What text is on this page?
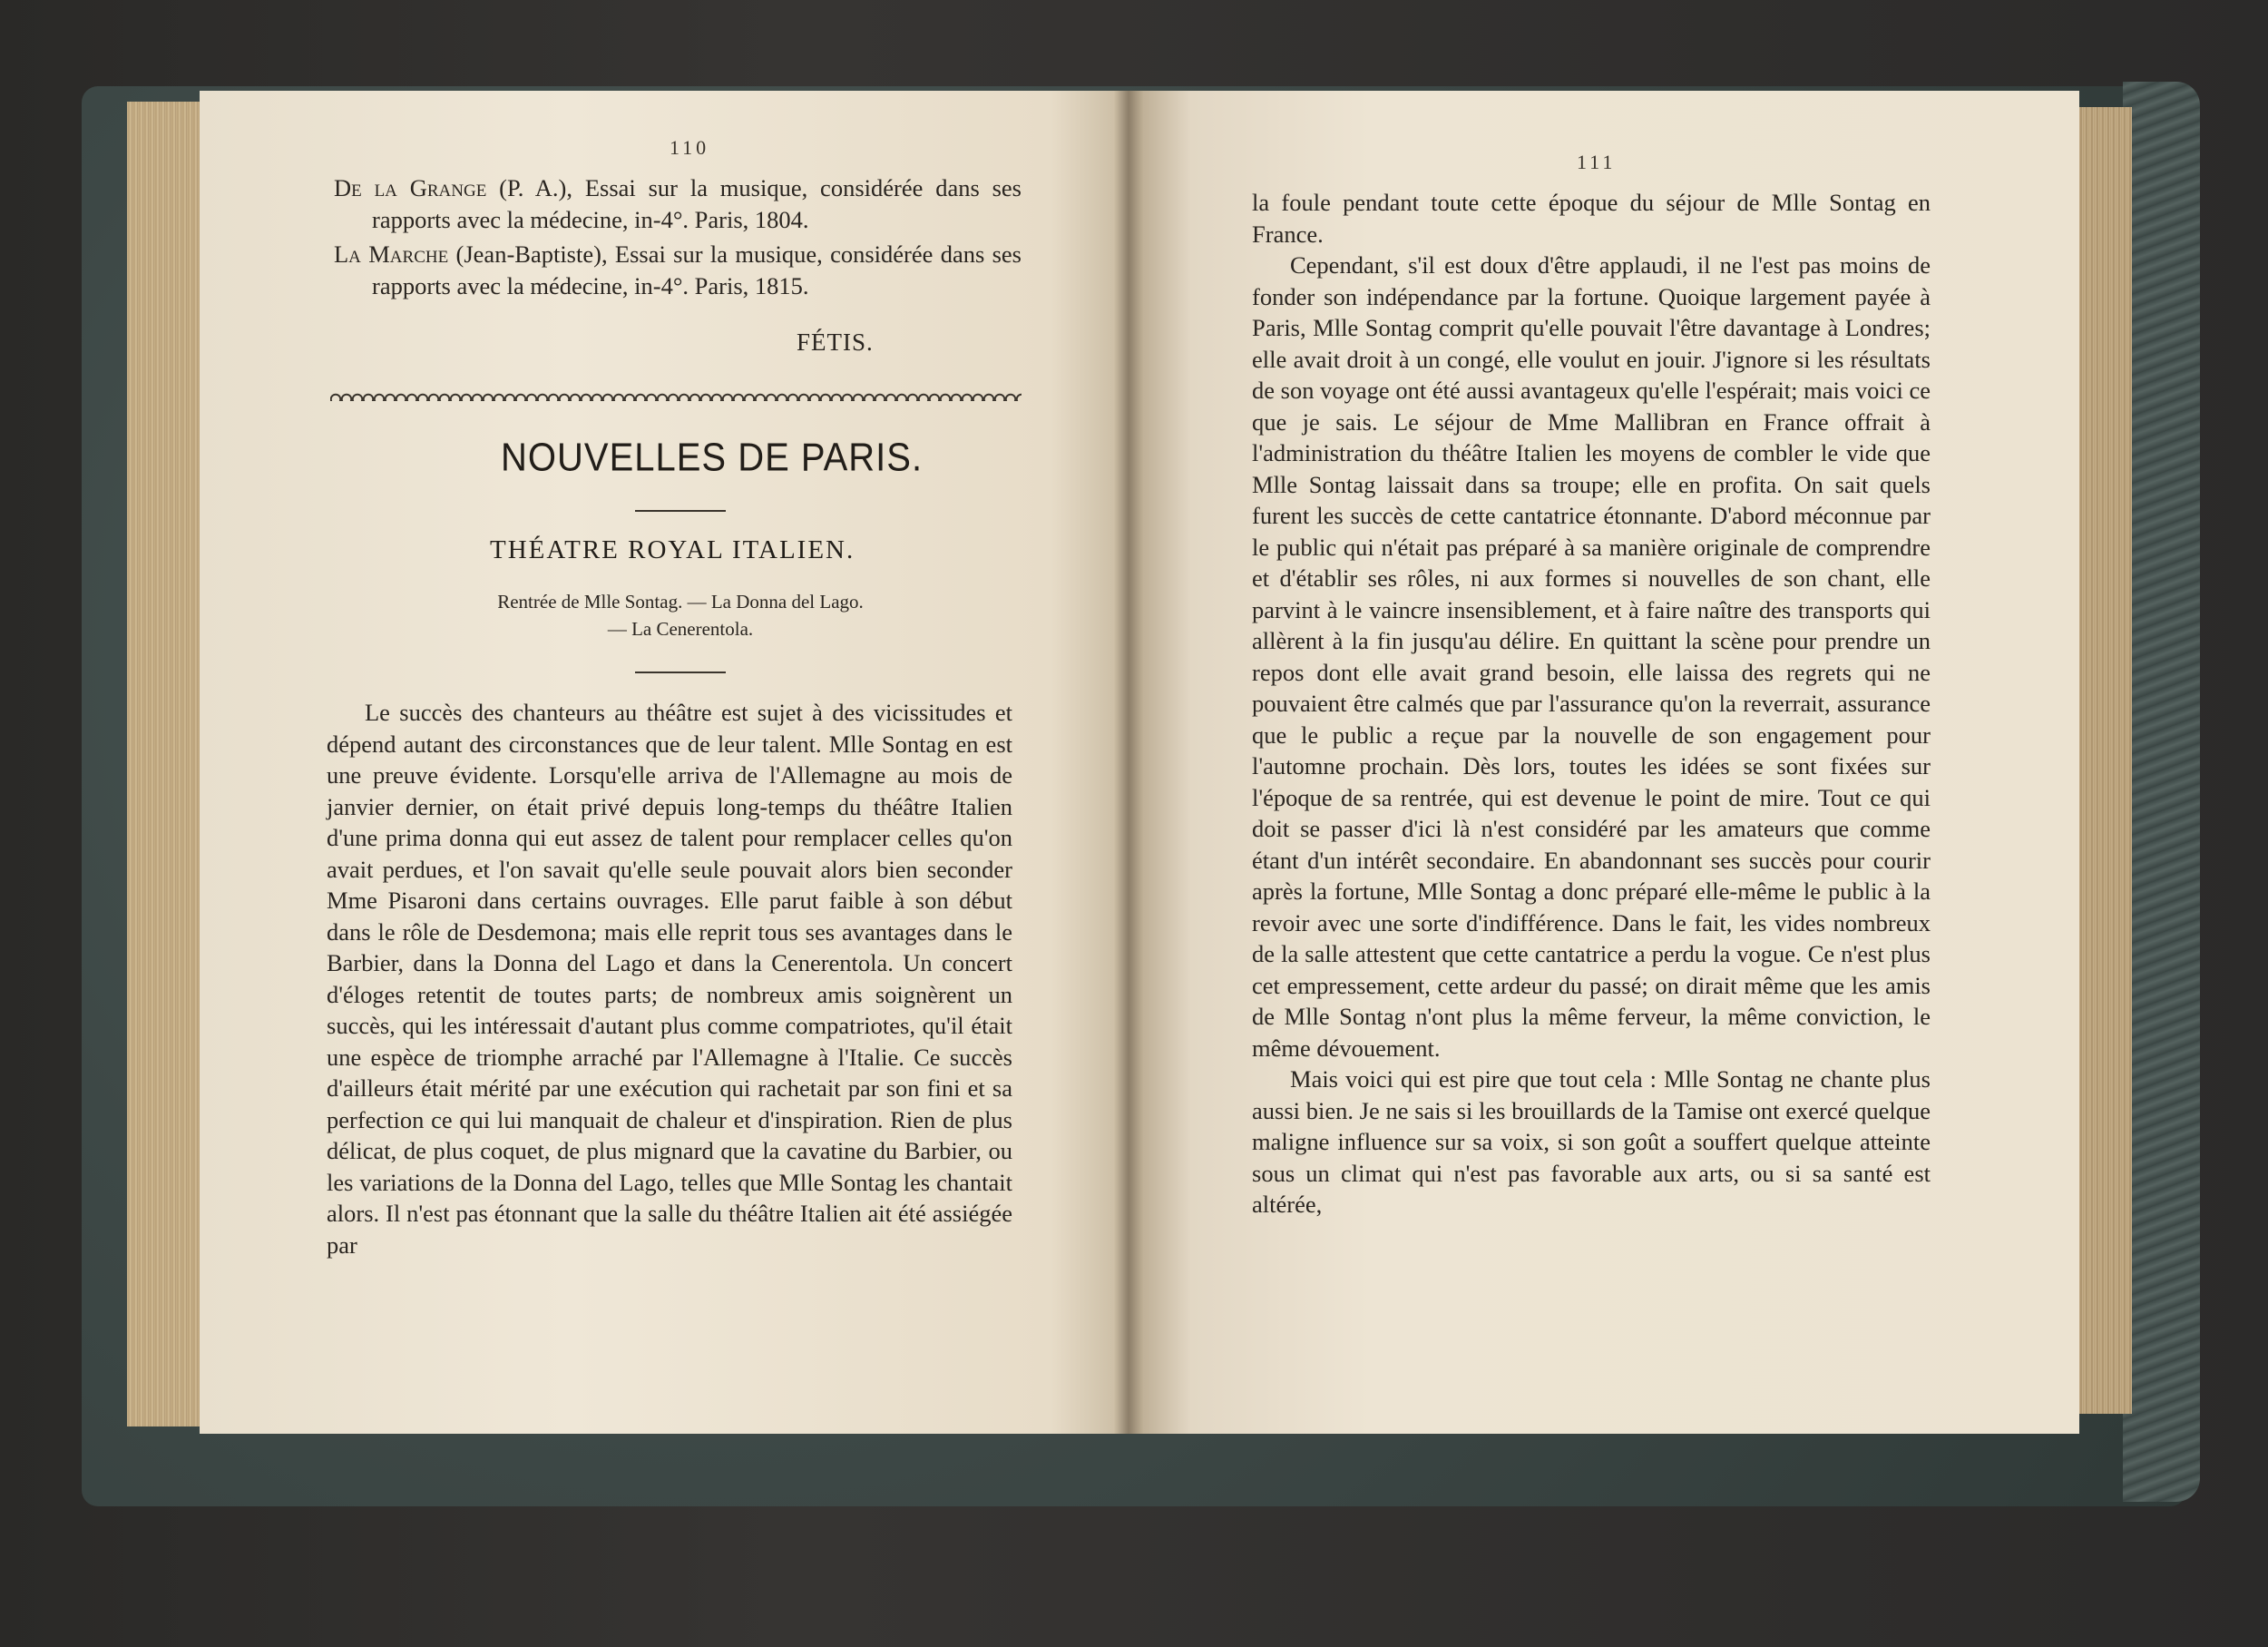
110

De la Grange (P. A.), Essai sur la musique, considérée dans ses rapports avec la médecine, in-4°. Paris, 1804.

La Marche (Jean-Baptiste), Essai sur la musique, considérée dans ses rapports avec la médecine, in-4°. Paris, 1815.

FÉTIS.
NOUVELLES DE PARIS.
THÉATRE ROYAL ITALIEN.
Rentrée de Mlle Sontag. — La Donna del Lago.
— La Cenerentola.

Le succès des chanteurs au théâtre est sujet à des vicissitudes et dépend autant des circonstances que de leur talent. Mlle Sontag en est une preuve évidente. Lorsqu'elle arriva de l'Allemagne au mois de janvier dernier, on était privé depuis long-temps du théâtre Italien d'une prima donna qui eut assez de talent pour remplacer celles qu'on avait perdues, et l'on savait qu'elle seule pouvait alors bien seconder Mme Pisaroni dans certains ouvrages. Elle parut faible à son début dans le rôle de Desdemona; mais elle reprit tous ses avantages dans le Barbier, dans la Donna del Lago et dans la Cenerentola. Un concert d'éloges retentit de toutes parts; de nombreux amis soignèrent un succès, qui les intéressait d'autant plus comme compatriotes, qu'il était une espèce de triomphe arraché par l'Allemagne à l'Italie. Ce succès d'ailleurs était mérité par une exécution qui rachetait par son fini et sa perfection ce qui lui manquait de chaleur et d'inspiration. Rien de plus délicat, de plus coquet, de plus mignard que la cavatine du Barbier, ou les variations de la Donna del Lago, telles que Mlle Sontag les chantait alors. Il n'est pas étonnant que la salle du théâtre Italien ait été assiégée par

111

la foule pendant toute cette époque du séjour de Mlle Sontag en France.

Cependant, s'il est doux d'être applaudi, il ne l'est pas moins de fonder son indépendance par la fortune. Quoique largement payée à Paris, Mlle Sontag comprit qu'elle pouvait l'être davantage à Londres; elle avait droit à un congé, elle voulut en jouir. J'ignore si les résultats de son voyage ont été aussi avantageux qu'elle l'espérait; mais voici ce que je sais. Le séjour de Mme Mallibran en France offrait à l'administration du théâtre Italien les moyens de combler le vide que Mlle Sontag laissait dans sa troupe; elle en profita. On sait quels furent les succès de cette cantatrice étonnante. D'abord méconnue par le public qui n'était pas préparé à sa manière originale de comprendre et d'établir ses rôles, ni aux formes si nouvelles de son chant, elle parvint à le vaincre insensiblement, et à faire naître des transports qui allèrent à la fin jusqu'au délire. En quittant la scène pour prendre un repos dont elle avait grand besoin, elle laissa des regrets qui ne pouvaient être calmés que par l'assurance qu'on la reverrait, assurance que le public a reçue par la nouvelle de son engagement pour l'automne prochain. Dès lors, toutes les idées se sont fixées sur l'époque de sa rentrée, qui est devenue le point de mire. Tout ce qui doit se passer d'ici là n'est considéré par les amateurs que comme étant d'un intérêt secondaire. En abandonnant ses succès pour courir après la fortune, Mlle Sontag a donc préparé elle-même le public à la revoir avec une sorte d'indifférence. Dans le fait, les vides nombreux de la salle attestent que cette cantatrice a perdu la vogue. Ce n'est plus cet empressement, cette ardeur du passé; on dirait même que les amis de Mlle Sontag n'ont plus la même ferveur, la même conviction, le même dévouement.

Mais voici qui est pire que tout cela : Mlle Sontag ne chante plus aussi bien. Je ne sais si les brouillards de la Tamise ont exercé quelque maligne influence sur sa voix, si son goût a souffert quelque atteinte sous un climat qui n'est pas favorable aux arts, ou si sa santé est altérée,
